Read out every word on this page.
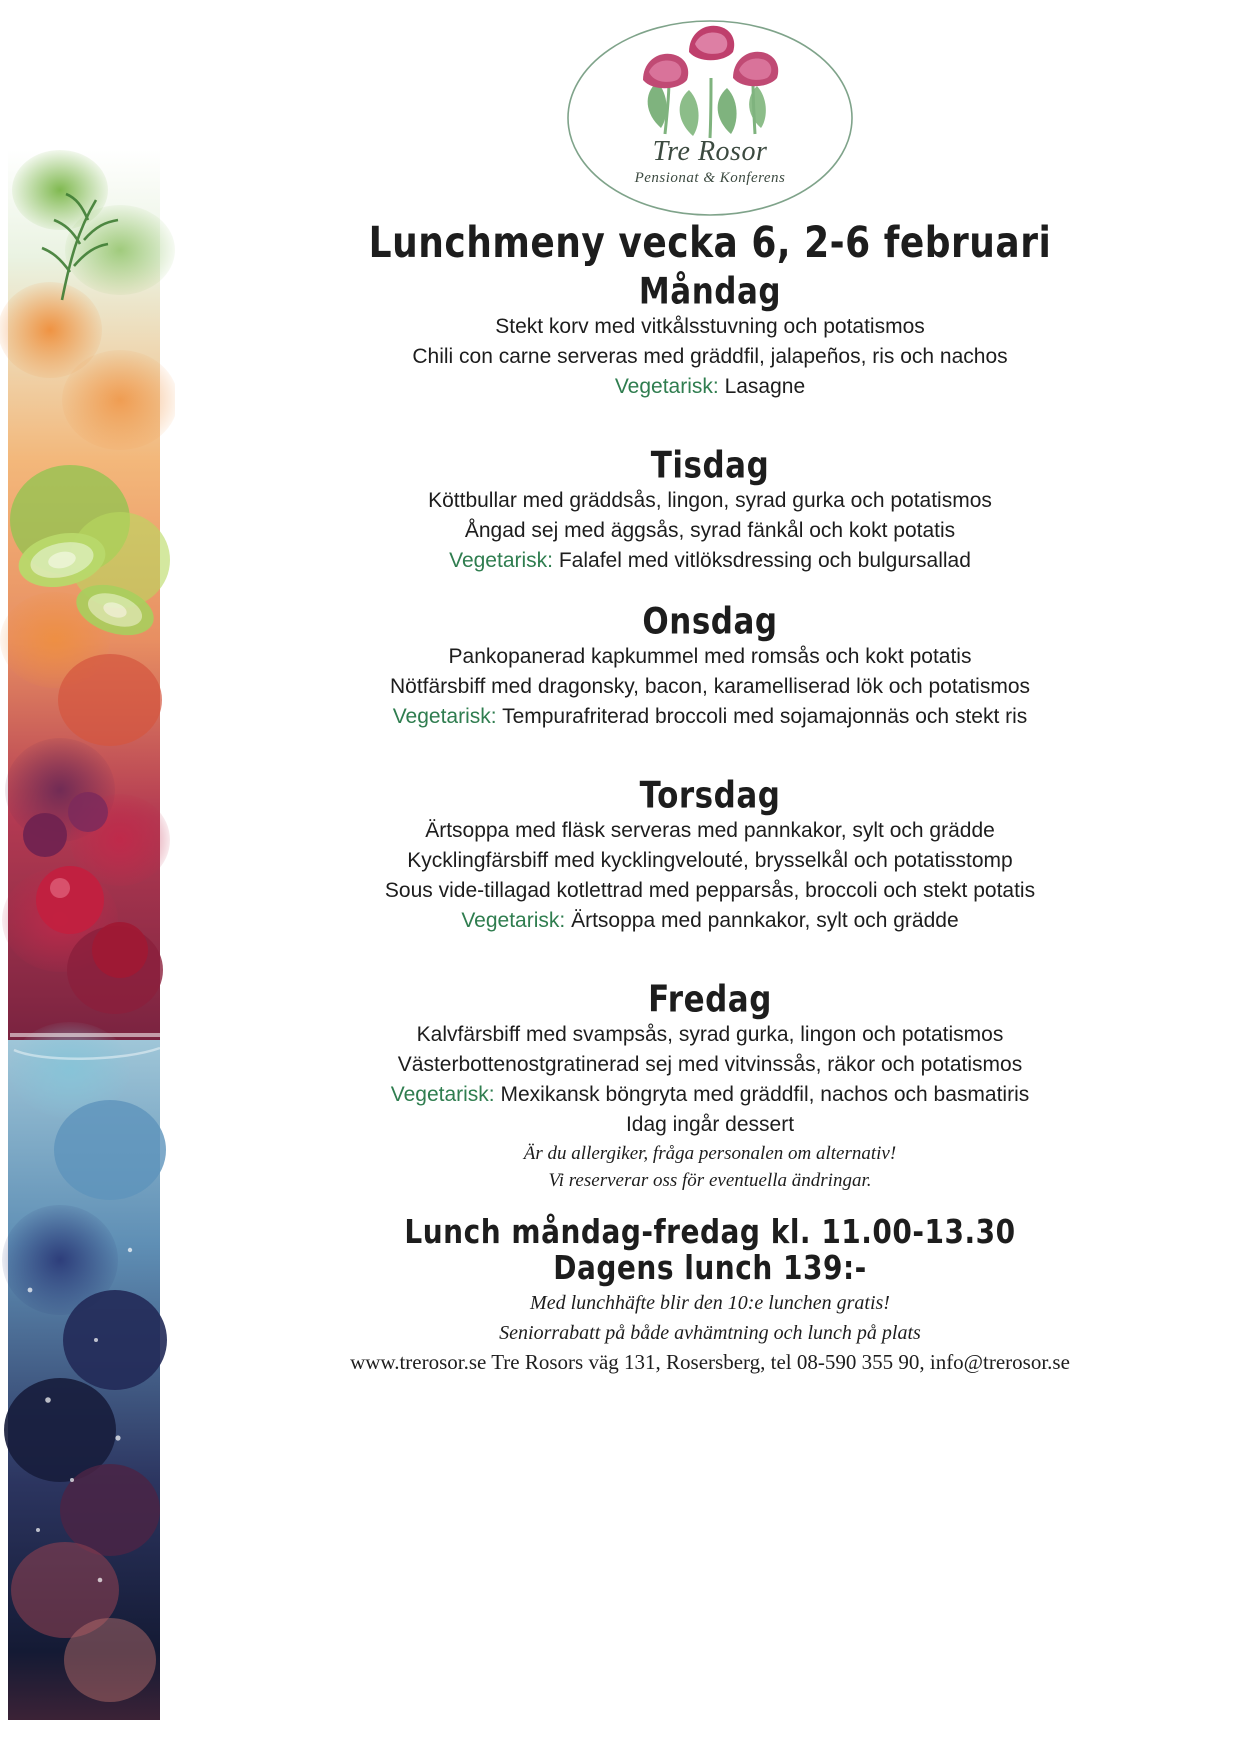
Tre Rosor
Pensionat & Konferens
Lunchmeny vecka 6, 2-6 februari
Måndag
Stekt korv med vitkålsstuvning och potatismos
Chili con carne serveras med gräddfil, jalapeños, ris och nachos
Vegetarisk: Lasagne
Tisdag
Köttbullar med gräddsås, lingon, syrad gurka och potatismos
Ångad sej med äggsås, syrad fänkål och kokt potatis
Vegetarisk: Falafel med vitlöksdressing och bulgursallad
Onsdag
Pankopanerad kapkummel med romsås och kokt potatis
Nötfärsbiff med dragonsky, bacon, karamelliserad lök och potatismos
Vegetarisk: Tempurafriterad broccoli med sojamajonnäs och stekt ris
Torsdag
Ärtsoppa med fläsk serveras med pannkakor, sylt och grädde
Kycklingfärsbiff med kycklingvelouté, brysselkål och potatisstomp
Sous vide-tillagad kotlettrad med pepparsås, broccoli och stekt potatis
Vegetarisk: Ärtsoppa med pannkakor, sylt och grädde
Fredag
Kalvfärsbiff med svampsås, syrad gurka, lingon och potatismos
Västerbottenostgratinerad sej med vitvinssås, räkor och potatismos
Vegetarisk: Mexikansk böngryta med gräddfil, nachos och basmatiris
Idag ingår dessert
Är du allergiker, fråga personalen om alternativ!
Vi reserverar oss för eventuella ändringar.
Lunch måndag-fredag kl. 11.00-13.30
Dagens lunch 139:-
Med lunchhäfte blir den 10:e lunchen gratis!
Seniorrabatt på både avhämtning och lunch på plats
www.trerosor.se Tre Rosors väg 131, Rosersberg, tel 08-590 355 90, info@trerosor.se
